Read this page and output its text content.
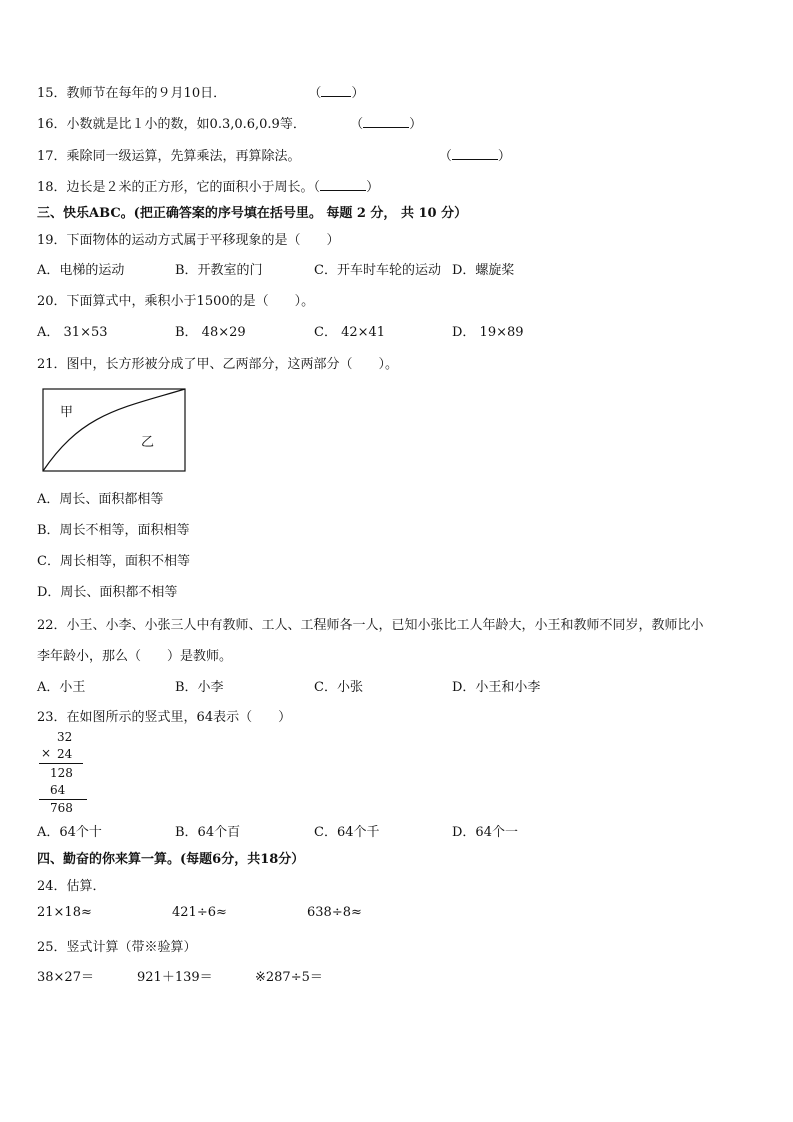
15．教师节在每年的９月10日．	（ ）
16．小数就是比１小的数，如0.3,0.6,0.9等．	（	）
17．乘除同一级运算，先算乘法，再算除法。	（	）
18．边长是２米的正方形，它的面积小于周长。（	）
三、快乐ABC。(把正确答案的序号填在括号里。 每题 2 分， 共 10 分）
19．下面物体的运动方式属于平移现象的是（　　）
A．电梯的运动	B．开教室的门	C．开车时车轮的运动 D．螺旋桨
20．下面算式中，乘积小于1500的是（　　）。
A． 31×53	B． 48×29	C． 42×41	D． 19×89
21．图中，长方形被分成了甲、乙两部分，这两部分（　　）。
甲
乙
A．周长、面积都相等
B．周长不相等，面积相等
C．周长相等，面积不相等
D．周长、面积都不相等
22．小王、小李、小张三人中有教师、工人、工程师各一人，已知小张比工人年龄大，小王和教师不同岁，教师比小
李年龄小，那么（　　）是教师。
A．小王	B．小李	C．小张	D．小王和小李
23．在如图所示的竖式里，64表示（　　）
32
× 24
128
64
768
A．64个十	B．64个百	C．64个千	D．64个一
四、勤奋的你来算一算。(每题6分，共18分）
24．估算．
21×18≈	421÷6≈	638÷8≈
25．竖式计算（带※验算）
38×27＝	921＋139＝	※287÷5＝
